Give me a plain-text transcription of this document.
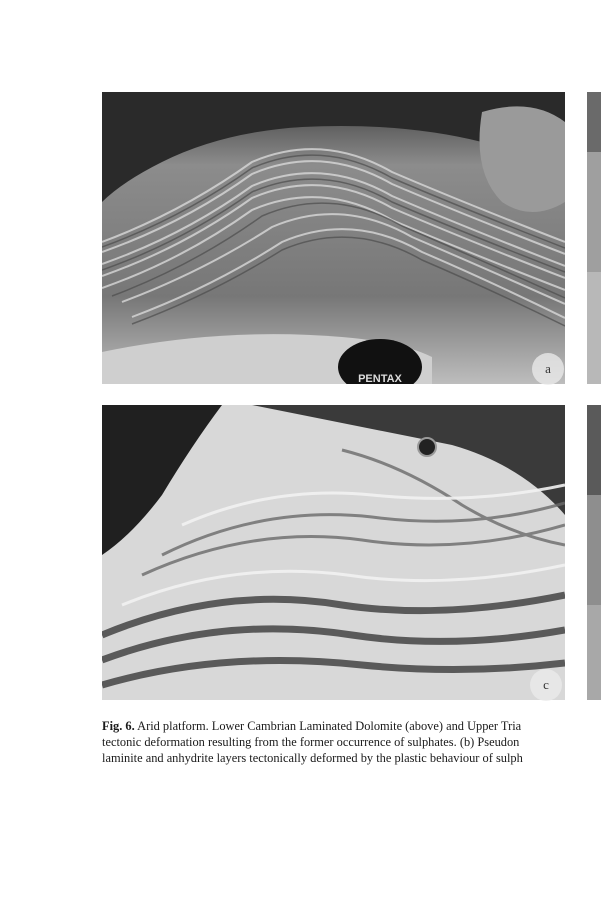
PENTAX
a
c
Fig. 6. Arid platform. Lower Cambrian Laminated Dolomite (above) and Upper Tria
tectonic deformation resulting from the former occurrence of sulphates. (b) Pseudon
laminite and anhydrite layers tectonically deformed by the plastic behaviour of sulph
